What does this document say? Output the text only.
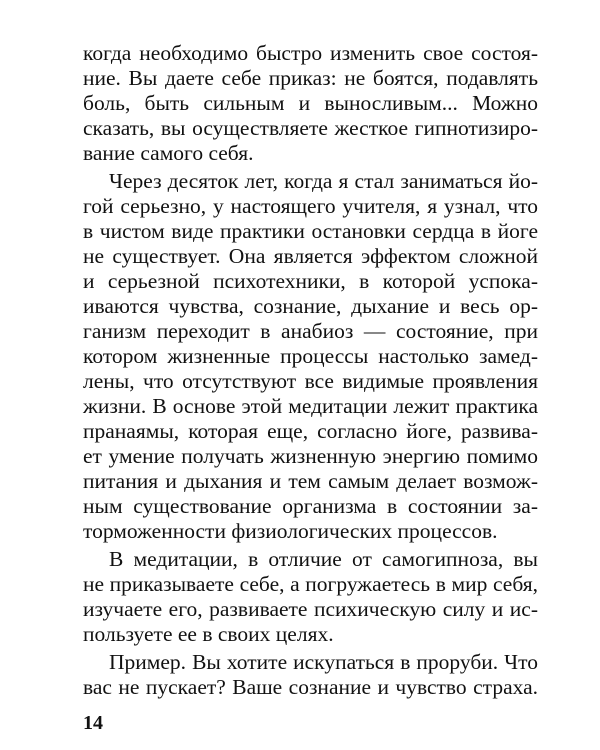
когда необходимо быстро изменить свое состоя-
ние. Вы даете себе приказ: не боятся, подавлять
боль, быть сильным и выносливым... Можно
сказать, вы осуществляете жесткое гипнотизиро-
вание самого себя.
Через десяток лет, когда я стал заниматься йо-
гой серьезно, у настоящего учителя, я узнал, что
в чистом виде практики остановки сердца в йоге
не существует. Она является эффектом сложной
и серьезной психотехники, в которой успока-
иваются чувства, сознание, дыхание и весь ор-
ганизм переходит в анабиоз — состояние, при
котором жизненные процессы настолько замед-
лены, что отсутствуют все видимые проявления
жизни. В основе этой медитации лежит практика
пранаямы, которая еще, согласно йоге, развива-
ет умение получать жизненную энергию помимо
питания и дыхания и тем самым делает возмож-
ным существование организма в состоянии за-
торможенности физиологических процессов.
В медитации, в отличие от самогипноза, вы
не приказываете себе, а погружаетесь в мир себя,
изучаете его, развиваете психическую силу и ис-
пользуете ее в своих целях.
Пример. Вы хотите искупаться в проруби. Что
вас не пускает? Ваше сознание и чувство страха.
14
